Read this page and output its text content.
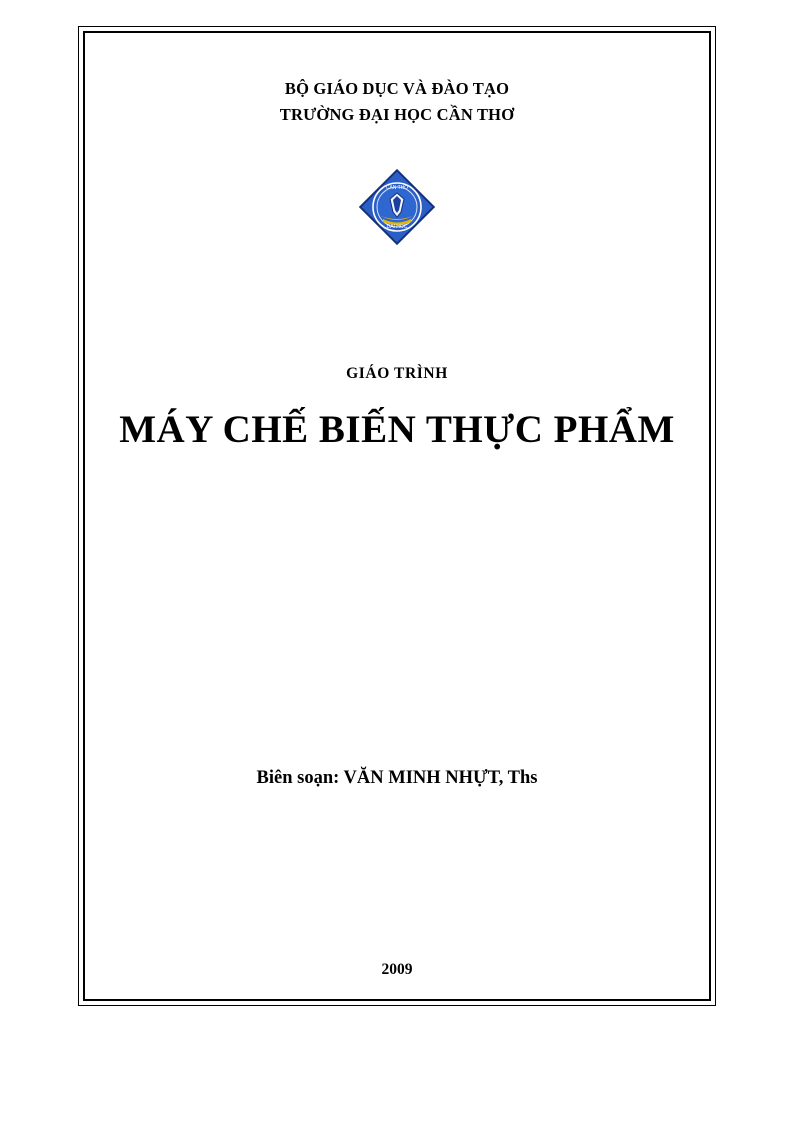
BỘ GIÁO DỤC VÀ ĐÀO TẠO
TRƯỜNG ĐẠI HỌC CẦN THƠ
DAI HOC
CAN THO
GIÁO TRÌNH
MÁY CHẾ BIẾN THỰC PHẨM
Biên soạn: VĂN MINH NHỰT, Ths
2009
